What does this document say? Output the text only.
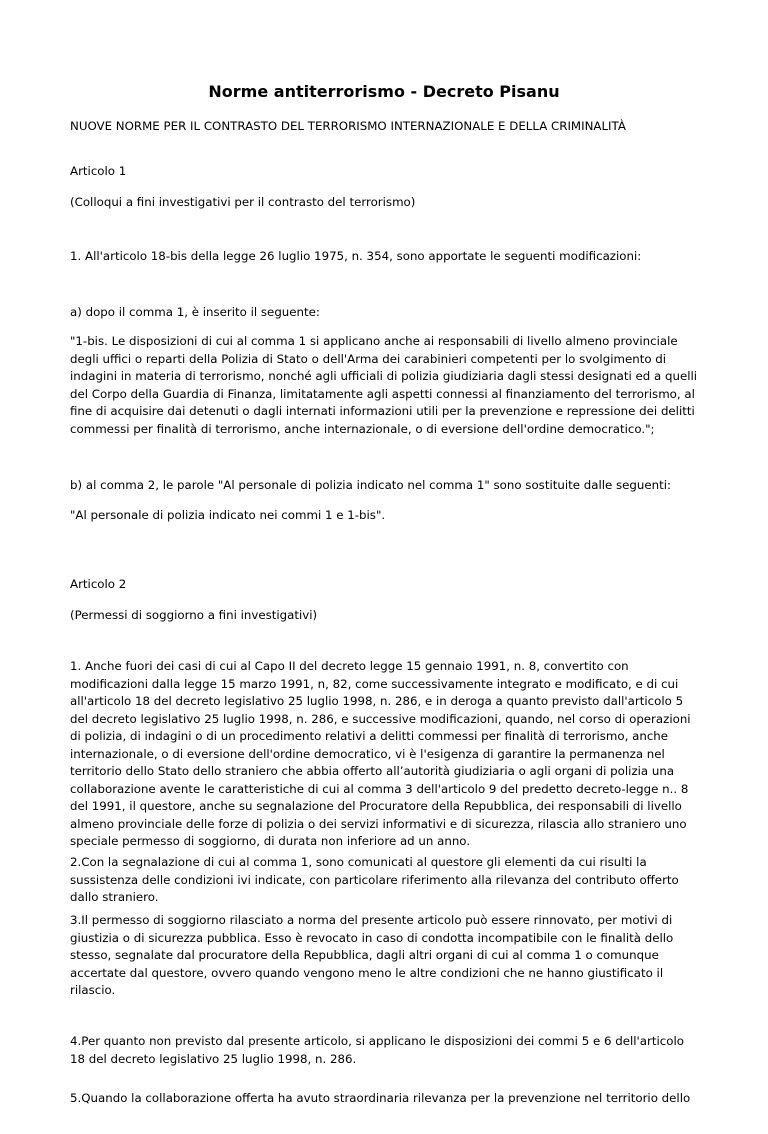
Norme antiterrorismo - Decreto Pisanu

NUOVE NORME PER IL CONTRASTO DEL TERRORISMO INTERNAZIONALE E DELLA CRIMINALITÀ

Articolo 1

(Colloqui a fini investigativi per il contrasto del terrorismo)

1. All'articolo 18-bis della legge 26 luglio 1975, n. 354, sono apportate le seguenti modificazioni:

a) dopo il comma 1, è inserito il seguente:

"1-bis. Le disposizioni di cui al comma 1 si applicano anche ai responsabili di livello almeno provinciale
degli uffici o reparti della Polizia di Stato o dell'Arma dei carabinieri competenti per lo svolgimento di
indagini in materia di terrorismo, nonché agli ufficiali di polizia giudiziaria dagli stessi designati ed a quelli
del Corpo della Guardia di Finanza, limitatamente agli aspetti connessi al finanziamento del terrorismo, al
fine di acquisire dai detenuti o dagli internati informazioni utili per la prevenzione e repressione dei delitti
commessi per finalità di terrorismo, anche internazionale, o di eversione dell'ordine democratico.";

b) al comma 2, le parole "Al personale di polizia indicato nel comma 1" sono sostituite dalle seguenti:

"Al personale di polizia indicato nei commi 1 e 1-bis".

Articolo 2

(Permessi di soggiorno a fini investigativi)

1. Anche fuori dei casi di cui al Capo II del decreto legge 15 gennaio 1991, n. 8, convertito con
modificazioni dalla legge 15 marzo 1991, n, 82, come successivamente integrato e modificato, e di cui
all'articolo 18 del decreto legislativo 25 luglio 1998, n. 286, e in deroga a quanto previsto dall'articolo 5
del decreto legislativo 25 luglio 1998, n. 286, e successive modificazioni, quando, nel corso di operazioni
di polizia, di indagini o di un procedimento relativi a delitti commessi per finalità di terrorismo, anche
internazionale, o di eversione dell'ordine democratico, vi è l'esigenza di garantire la permanenza nel
territorio dello Stato dello straniero che abbia offerto all’autorità giudiziaria o agli organi di polizia una
collaborazione avente le caratteristiche di cui al comma 3 dell'articolo 9 del predetto decreto-legge n.. 8
del 1991, il questore, anche su segnalazione del Procuratore della Repubblica, dei responsabili di livello
almeno provinciale delle forze di polizia o dei servizi informativi e di sicurezza, rilascia allo straniero uno
speciale permesso di soggiorno, di durata non inferiore ad un anno.
2.Con la segnalazione di cui al comma 1, sono comunicati al questore gli elementi da cui risulti la
sussistenza delle condizioni ivi indicate, con particolare riferimento alla rilevanza del contributo offerto
dallo straniero.
3.Il permesso di soggiorno rilasciato a norma del presente articolo può essere rinnovato, per motivi di
giustizia o di sicurezza pubblica. Esso è revocato in caso di condotta incompatibile con le finalità dello
stesso, segnalate dal procuratore della Repubblica, dagli altri organi di cui al comma 1 o comunque
accertate dal questore, ovvero quando vengono meno le altre condizioni che ne hanno giustificato il
rilascio.
4.Per quanto non previsto dal presente articolo, si applicano le disposizioni dei commi 5 e 6 dell'articolo
18 del decreto legislativo 25 luglio 1998, n. 286.
5.Quando la collaborazione offerta ha avuto straordinaria rilevanza per la prevenzione nel territorio dello
